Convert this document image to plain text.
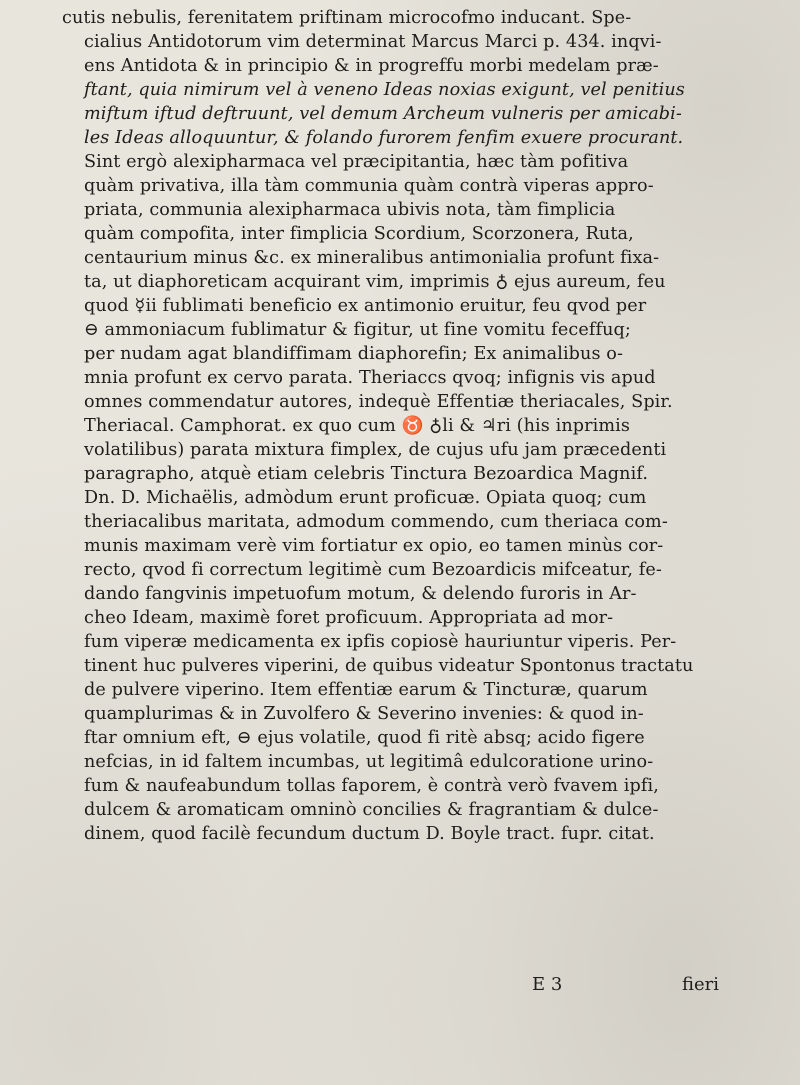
cutis nebulis, ferenitatem priftinam microcofmo inducant. Spe-
cialius Antidotorum vim determinat Marcus Marci p. 434. inqvi-
ens Antidota & in principio & in progreffu morbi medelam præ-
ftant, quia nimirum vel à veneno Ideas noxias exigunt, vel penitius
miftum iftud deftruunt, vel demum Archeum vulneris per amicabi-
les Ideas alloquuntur, & folando furorem fenfim exuere procurant.
Sint ergò alexipharmaca vel præcipitantia, hæc tàm pofitiva
quàm privativa, illa tàm communia quàm contrà viperas appro-
priata, communia alexipharmaca ubivis nota, tàm fimplicia
quàm compofita, inter fimplicia Scordium, Scorzonera, Ruta,
centaurium minus &c. ex mineralibus antimonialia profunt fixa-
ta, ut diaphoreticam acquirant vim, imprimis ♁ ejus aureum, feu
quod ☿ii fublimati beneficio ex antimonio eruitur, feu qvod per
⊖ ammoniacum fublimatur & figitur, ut fine vomitu feceffuq;
per nudam agat blandiffimam diaphorefin; Ex animalibus o-
mnia profunt ex cervo parata. Theriaccs qvoq; infignis vis apud
omnes commendatur autores, indequè Effentiæ theriacales, Spir.
Theriacal. Camphorat. ex quo cum ♉ ♁li & ♃ri (his inprimis
volatilibus) parata mixtura fimplex, de cujus ufu jam præcedenti
paragrapho, atquè etiam celebris Tinctura Bezoardica Magnif.
Dn. D. Michaëlis, admòdum erunt proficuæ. Opiata quoq; cum
theriacalibus maritata, admodum commendo, cum theriaca com-
munis maximam verè vim fortiatur ex opio, eo tamen minùs cor-
recto, qvod fi correctum legitimè cum Bezoardicis mifceatur, fe-
dando fangvinis impetuofum motum, & delendo furoris in Ar-
cheo Ideam, maximè foret proficuum. Appropriata ad mor-
fum viperæ medicamenta ex ipfis copiosè hauriuntur viperis. Per-
tinent huc pulveres viperini, de quibus videatur Spontonus tractatu
de pulvere viperino. Item effentiæ earum & Tincturæ, quarum
quamplurimas & in Zuvolfero & Severino invenies: & quod in-
ftar omnium eft, ⊖ ejus volatile, quod fi ritè absq; acido figere
nefcias, in id faltem incumbas, ut legitimâ edulcoratione urino-
fum & naufeabundum tollas faporem, è contrà verò fvavem ipfi,
dulcem & aromaticam omninò concilies & fragrantiam & dulce-
dinem, quod facilè fecundum ductum D. Boyle tract. fupr. citat.
E 3	fieri
